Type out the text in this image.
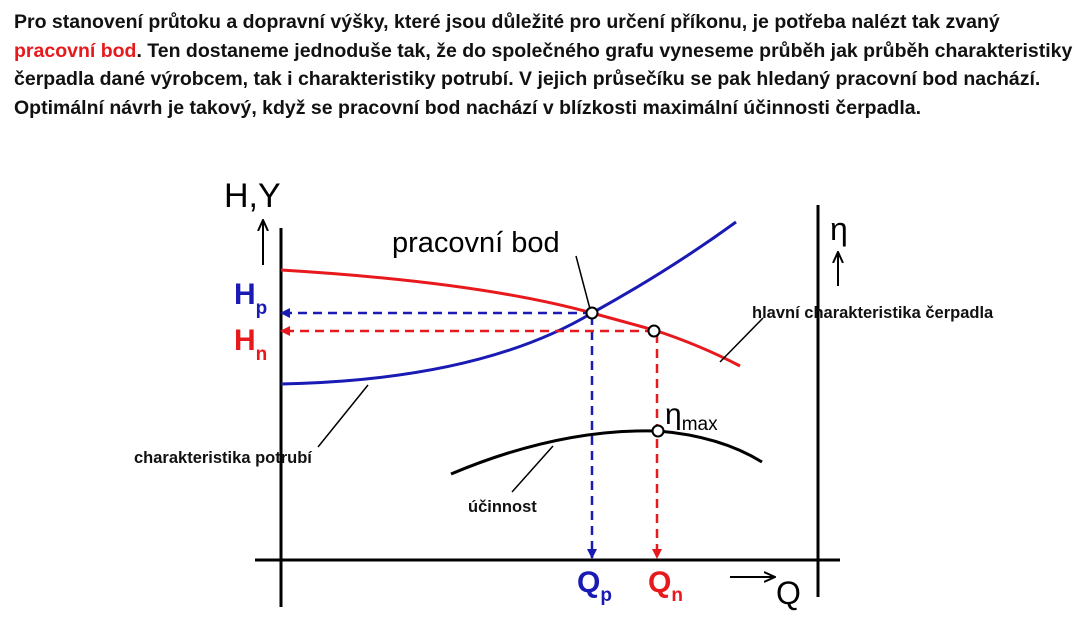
Pro stanovení průtoku a dopravní výšky, které jsou důležité pro určení příkonu, je potřeba nalézt tak zvaný pracovní bod. Ten dostaneme jednoduše tak, že do společného grafu vyneseme průběh jak průběh charakteristiky čerpadla dané výrobcem, tak i charakteristiky potrubí. V jejich průsečíku se pak hledaný pracovní bod nachází. Optimální návrh je takový, když se pracovní bod nachází v blízkosti maximální účinnosti čerpadla.
H,Y
η
Q
pracovní bod
hlavní charakteristika čerpadla
charakteristika potrubí
účinnost
ηmax
Hp
Hn
Qp Qn
